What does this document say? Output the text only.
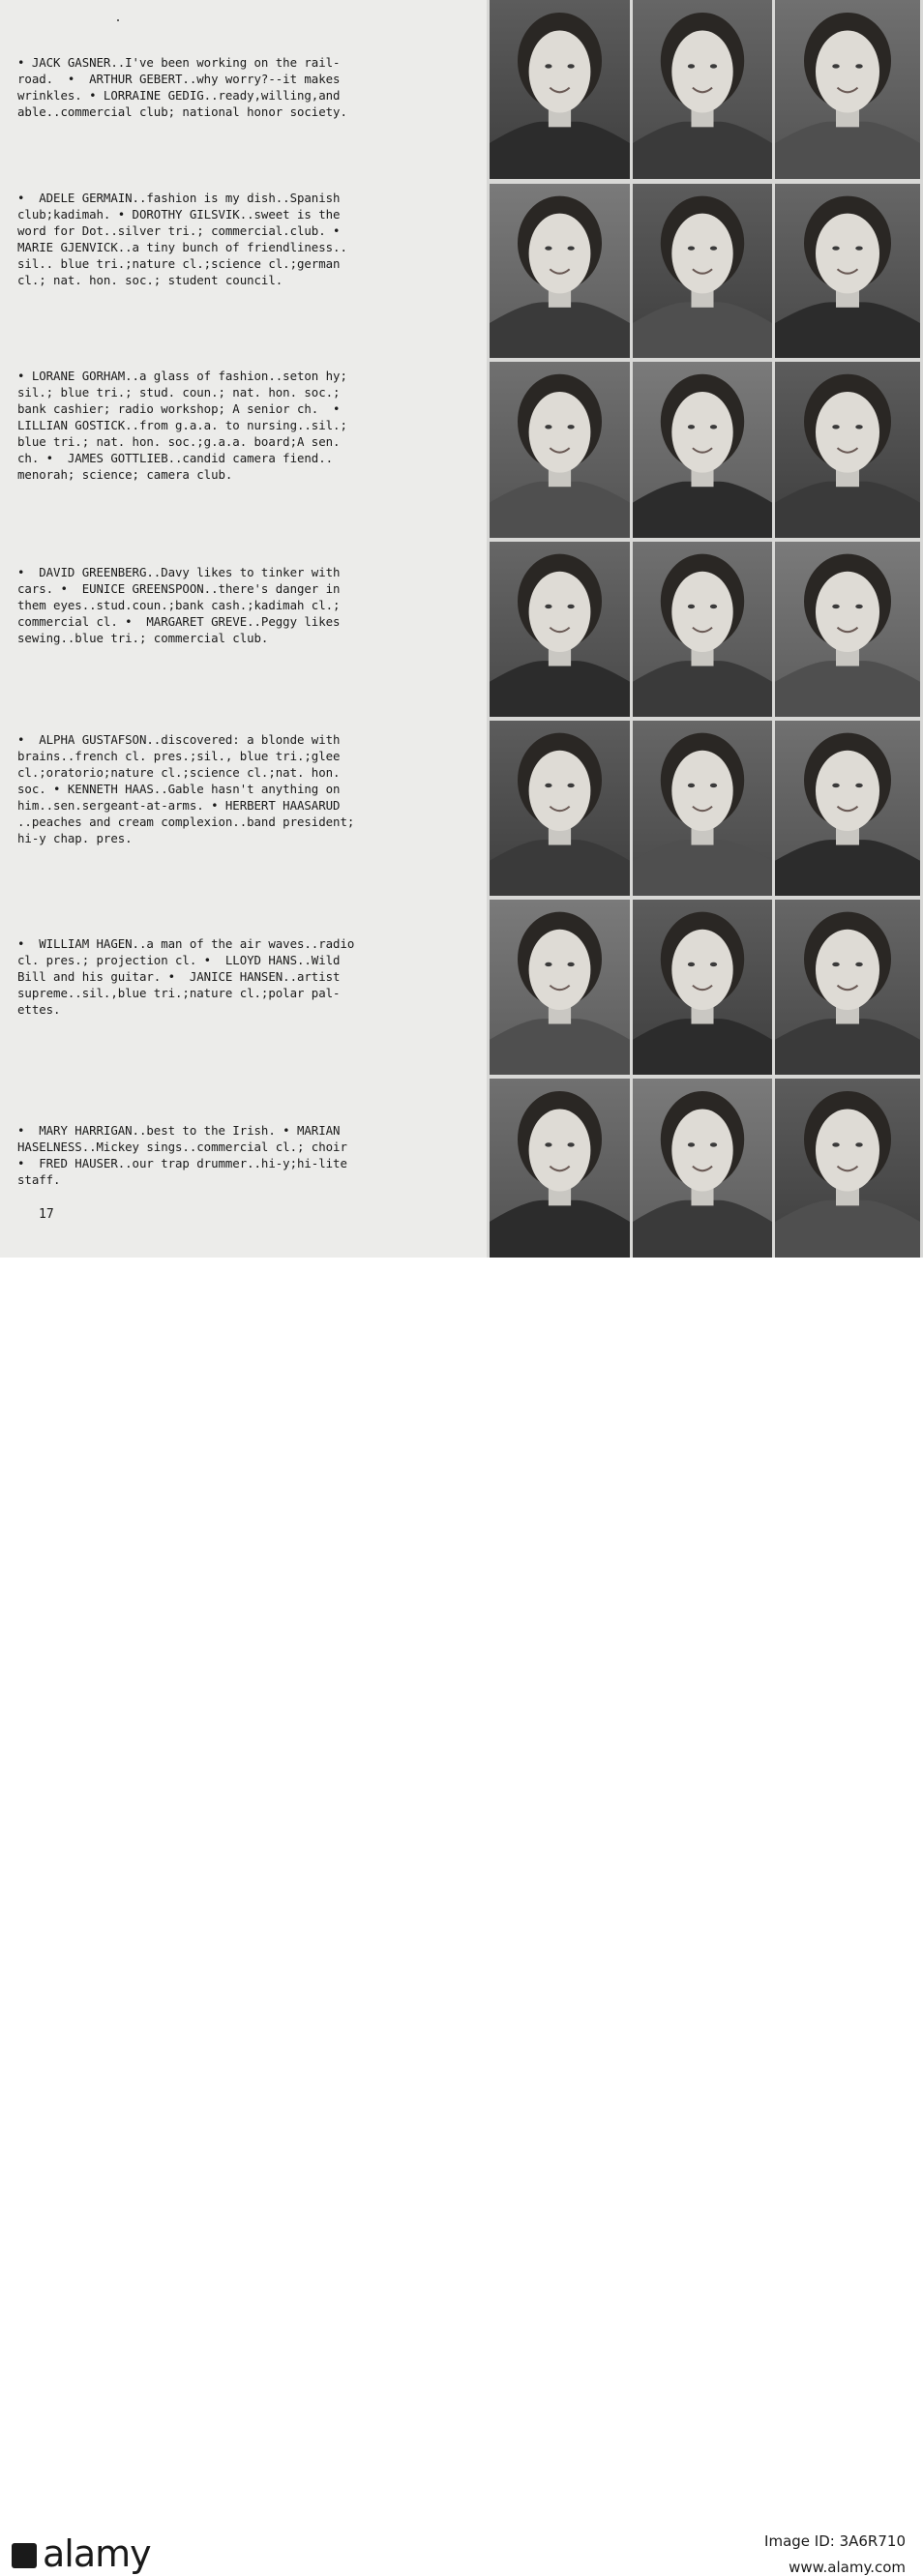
• JACK GASNER..I've been working on the rail-
road.  •  ARTHUR GEBERT..why worry?--it makes
wrinkles. • LORRAINE GEDIG..ready,willing,and
able..commercial club; national honor society.
•  ADELE GERMAIN..fashion is my dish..Spanish
club;kadimah. • DOROTHY GILSVIK..sweet is the
word for Dot..silver tri.; commercial.club. •
MARIE GJENVICK..a tiny bunch of friendliness..
sil.. blue tri.;nature cl.;science cl.;german
cl.; nat. hon. soc.; student council.
• LORANE GORHAM..a glass of fashion..seton hy;
sil.; blue tri.; stud. coun.; nat. hon. soc.;
bank cashier; radio workshop; A senior ch.  •
LILLIAN GOSTICK..from g.a.a. to nursing..sil.;
blue tri.; nat. hon. soc.;g.a.a. board;A sen.
ch. •  JAMES GOTTLIEB..candid camera fiend..
menorah; science; camera club.
•  DAVID GREENBERG..Davy likes to tinker with
cars. •  EUNICE GREENSPOON..there's danger in
them eyes..stud.coun.;bank cash.;kadimah cl.;
commercial cl. •  MARGARET GREVE..Peggy likes
sewing..blue tri.; commercial club.
•  ALPHA GUSTAFSON..discovered: a blonde with
brains..french cl. pres.;sil., blue tri.;glee
cl.;oratorio;nature cl.;science cl.;nat. hon.
soc. • KENNETH HAAS..Gable hasn't anything on
him..sen.sergeant-at-arms. • HERBERT HAASARUD
..peaches and cream complexion..band president;
hi-y chap. pres.
•  WILLIAM HAGEN..a man of the air waves..radio
cl. pres.; projection cl. •  LLOYD HANS..Wild
Bill and his guitar. •  JANICE HANSEN..artist
supreme..sil.,blue tri.;nature cl.;polar pal-
ettes.
•  MARY HARRIGAN..best to the Irish. • MARIAN
HASELNESS..Mickey sings..commercial cl.; choir
•  FRED HAUSER..our trap drummer..hi-y;hi-lite
staff.
17
alamy	Image ID: 3A6R710
www.alamy.com
